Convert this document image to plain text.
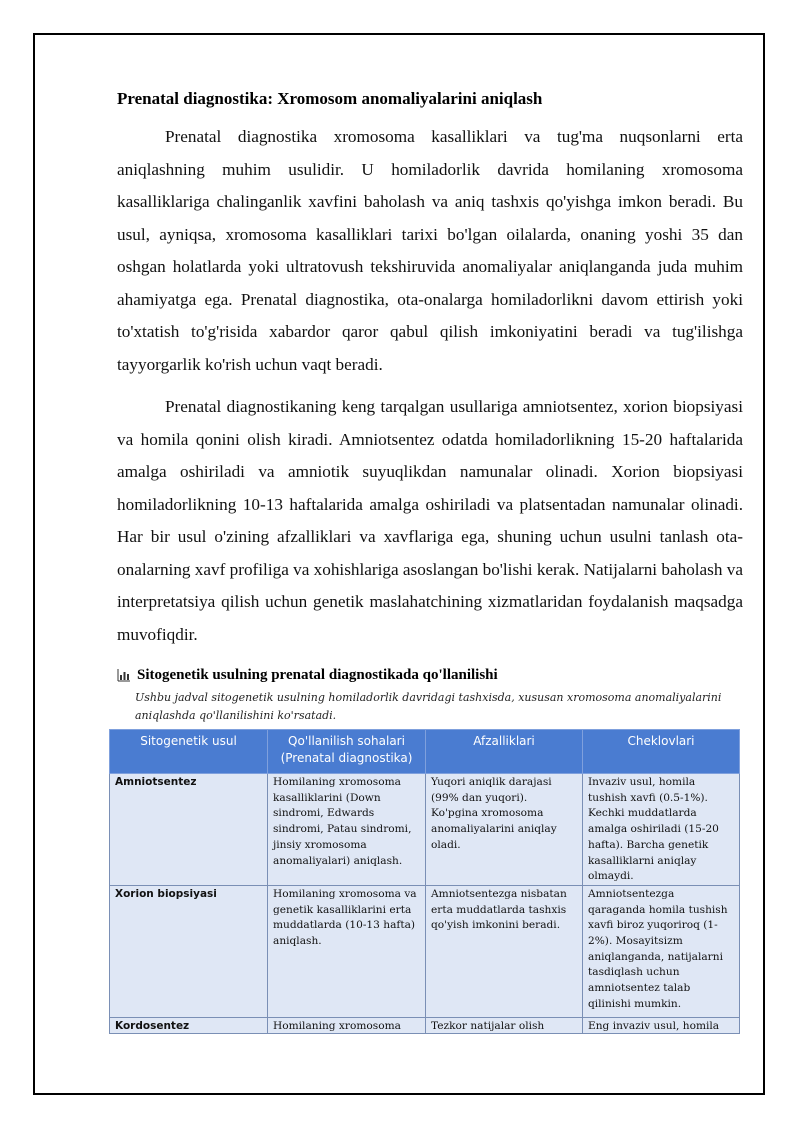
Prenatal diagnostika: Xromosom anomaliyalarini aniqlash

Prenatal diagnostika xromosoma kasalliklari va tug'ma nuqsonlarni erta aniqlashning muhim usulidir. U homiladorlik davrida homilaning xromosoma kasalliklariga chalinganlik xavfini baholash va aniq tashxis qo'yishga imkon beradi. Bu usul, ayniqsa, xromosoma kasalliklari tarixi bo'lgan oilalarda, onaning yoshi 35 dan oshgan holatlarda yoki ultratovush tekshiruvida anomaliyalar aniqlanganda juda muhim ahamiyatga ega. Prenatal diagnostika, ota-onalarga homiladorlikni davom ettirish yoki to'xtatish to'g'risida xabardor qaror qabul qilish imkoniyatini beradi va tug'ilishga tayyorgarlik ko'rish uchun vaqt beradi.

Prenatal diagnostikaning keng tarqalgan usullariga amniotsentez, xorion biopsiyasi va homila qonini olish kiradi. Amniotsentez odatda homiladorlikning 15-20 haftalarida amalga oshiriladi va amniotik suyuqlikdan namunalar olinadi. Xorion biopsiyasi homiladorlikning 10-13 haftalarida amalga oshiriladi va platsentadan namunalar olinadi. Har bir usul o'zining afzalliklari va xavflariga ega, shuning uchun usulni tanlash ota-onalarning xavf profiliga va xohishlariga asoslangan bo'lishi kerak. Natijalarni baholash va interpretatsiya qilish uchun genetik maslahatchining xizmatlaridan foydalanish maqsadga muvofiqdir.

Sitogenetik usulning prenatal diagnostikada qo'llanilishi
Ushbu jadval sitogenetik usulning homiladorlik davridagi tashxisda, xususan xromosoma anomaliyalarini aniqlashda qo'llanilishini ko'rsatadi.
Sitogenetik usul	Qo'llanilish sohalari (Prenatal diagnostika)	Afzalliklari	Cheklovlari
Amniotsentez	Homilaning xromosoma kasalliklarini (Down sindromi, Edwards sindromi, Patau sindromi, jinsiy xromosoma anomaliyalari) aniqlash.	Yuqori aniqlik darajasi (99% dan yuqori). Ko'pgina xromosoma anomaliyalarini aniqlay oladi.	Invaziv usul, homila tushish xavfi (0.5-1%). Kechki muddatlarda amalga oshiriladi (15-20 hafta). Barcha genetik kasalliklarni aniqlay olmaydi.
Xorion biopsiyasi	Homilaning xromosoma va genetik kasalliklarini erta muddatlarda (10-13 hafta) aniqlash.	Amniotsentezga nisbatan erta muddatlarda tashxis qo'yish imkonini beradi.	Amniotsentezga qaraganda homila tushish xavfi biroz yuqoriroq (1-2%). Mosayitsizm aniqlanganda, natijalarni tasdiqlash uchun amniotsentez talab qilinishi mumkin.

Kordosentez	Homilaning xromosoma	Tezkor natijalar olish	Eng invaziv usul, homila
